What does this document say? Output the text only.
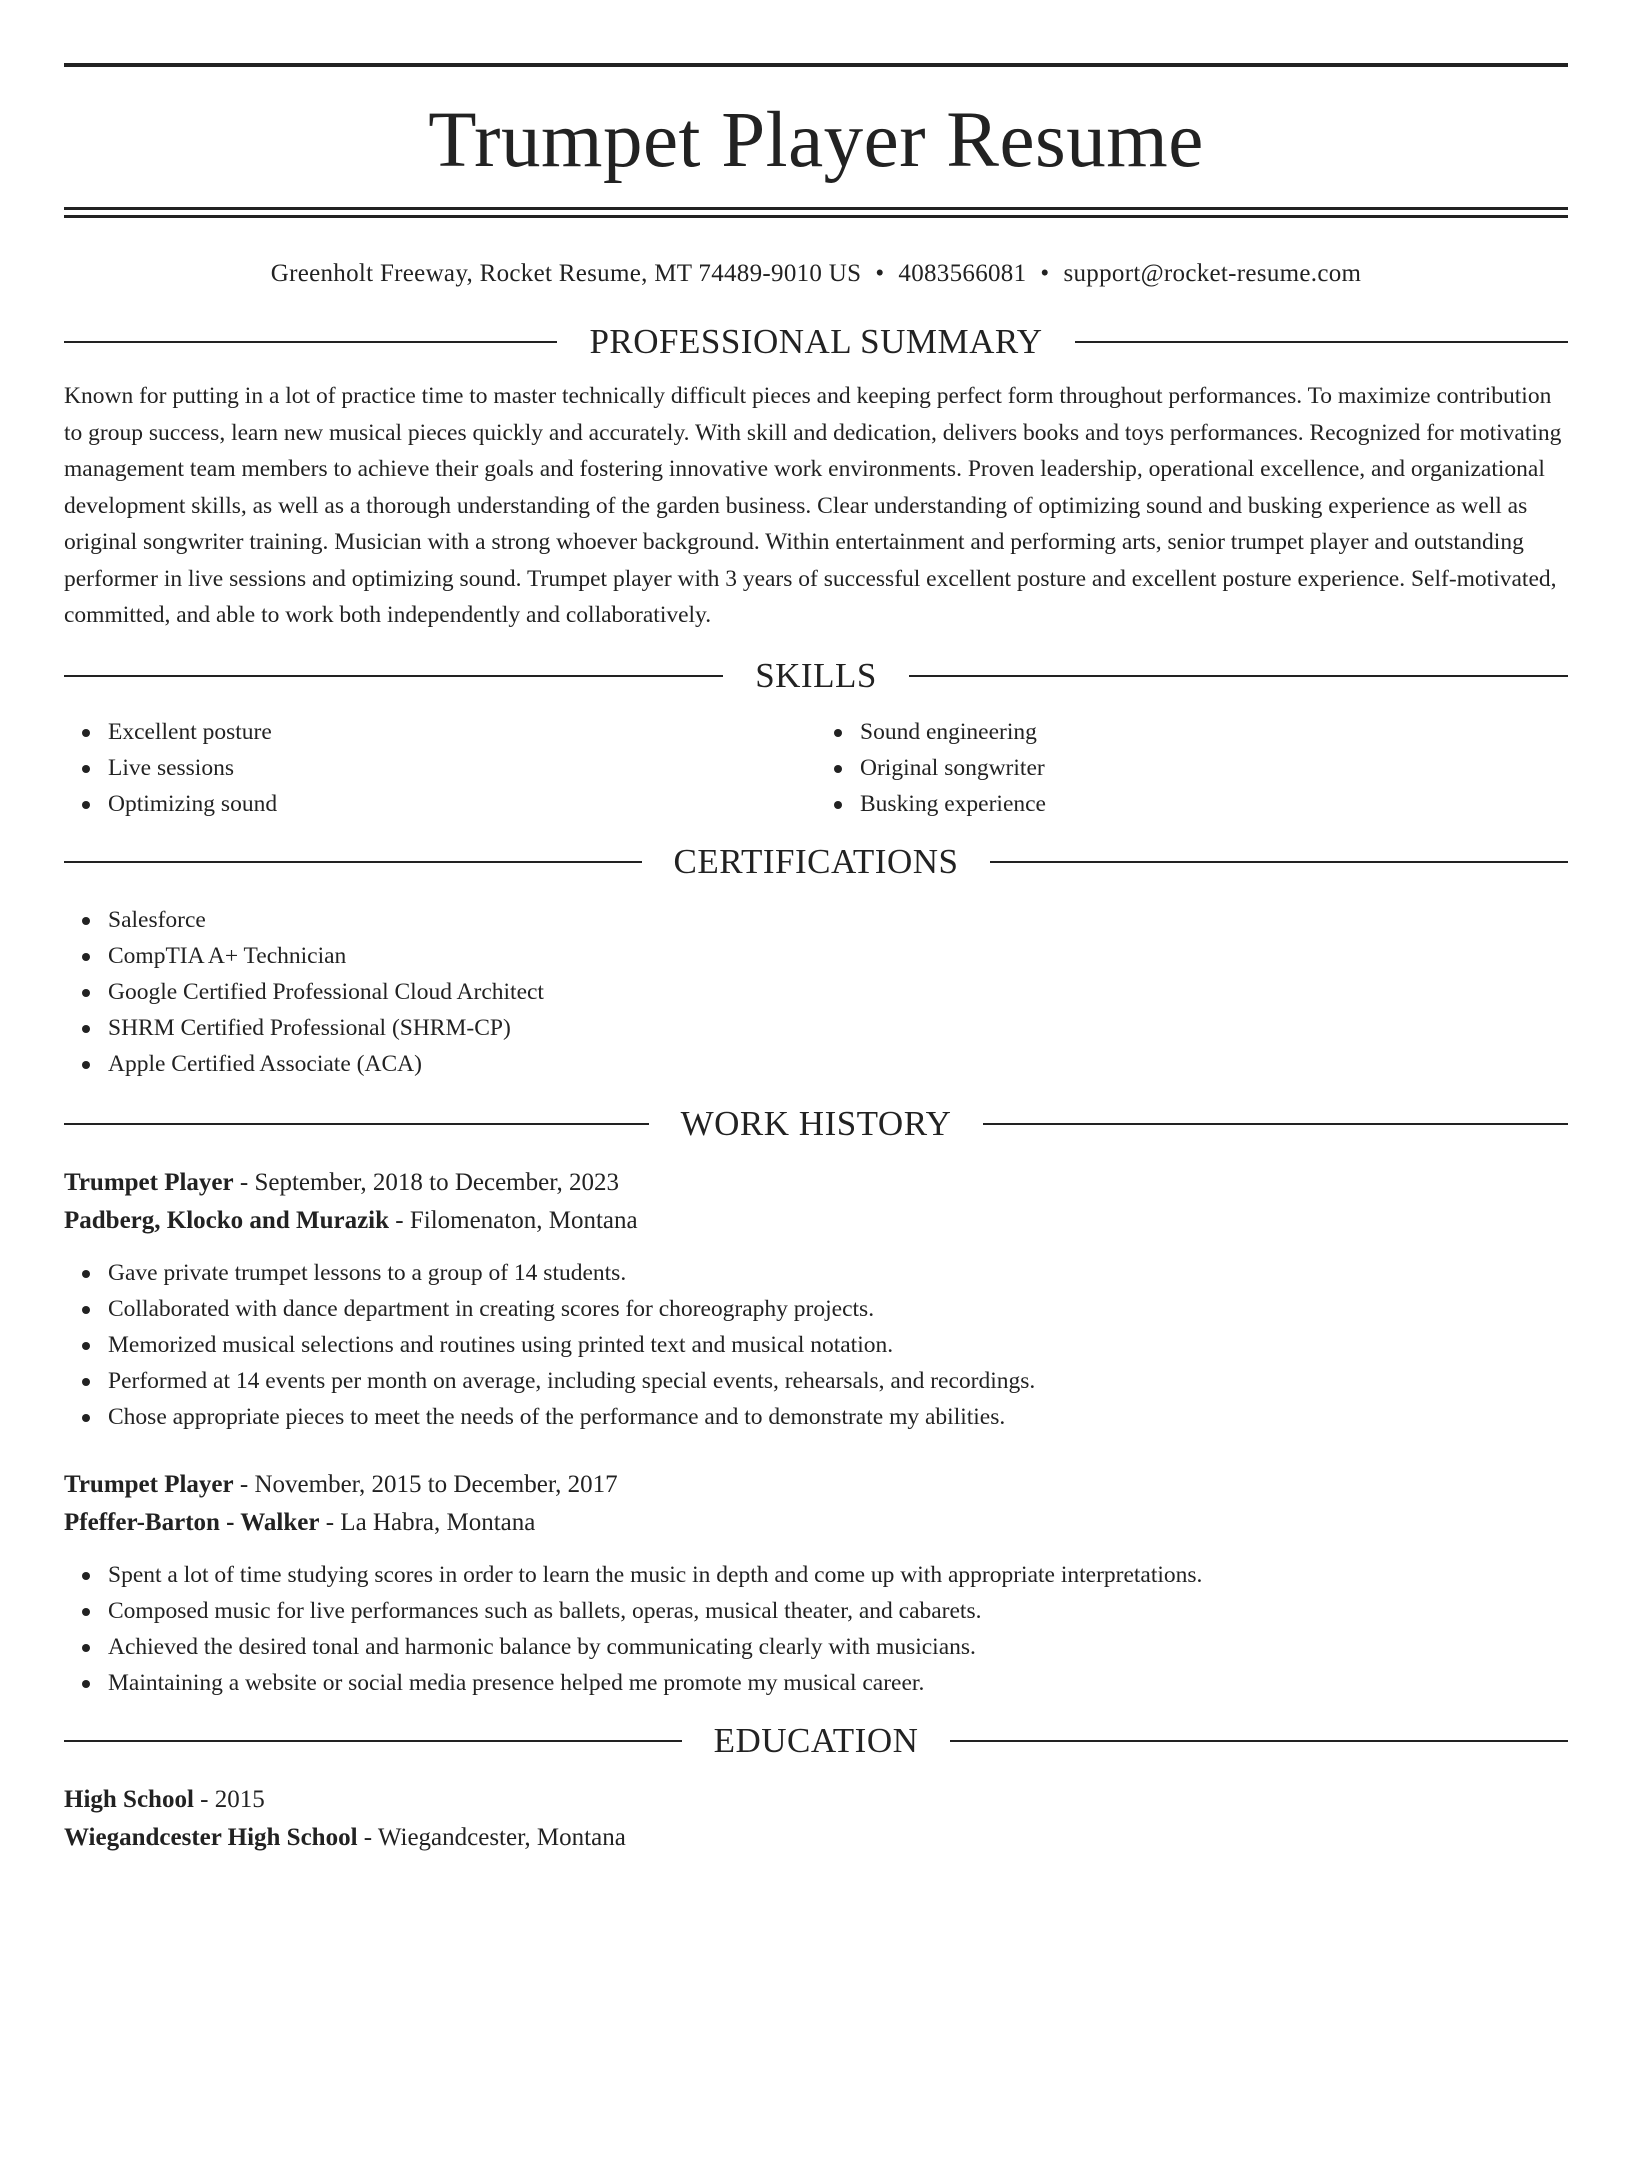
Trumpet Player Resume
Greenholt Freeway, Rocket Resume, MT 74489-9010 US • 4083566081 • support@rocket-resume.com
PROFESSIONAL SUMMARY

Known for putting in a lot of practice time to master technically difficult pieces and keeping perfect form throughout performances. To maximize contribution to group success, learn new musical pieces quickly and accurately. With skill and dedication, delivers books and toys performances. Recognized for motivating management team members to achieve their goals and fostering innovative work environments. Proven leadership, operational excellence, and organizational development skills, as well as a thorough understanding of the garden business. Clear understanding of optimizing sound and busking experience as well as original songwriter training. Musician with a strong whoever background. Within entertainment and performing arts, senior trumpet player and outstanding performer in live sessions and optimizing sound. Trumpet player with 3 years of successful excellent posture and excellent posture experience. Self-motivated, committed, and able to work both independently and collaboratively.

SKILLS
Excellent posture
Live sessions
Optimizing sound
Sound engineering
Original songwriter
Busking experience
CERTIFICATIONS
Salesforce
CompTIA A+ Technician
Google Certified Professional Cloud Architect
SHRM Certified Professional (SHRM-CP)
Apple Certified Associate (ACA)
WORK HISTORY
Trumpet Player - September, 2018 to December, 2023
Padberg, Klocko and Murazik - Filomenaton, Montana
Gave private trumpet lessons to a group of 14 students.
Collaborated with dance department in creating scores for choreography projects.
Memorized musical selections and routines using printed text and musical notation.
Performed at 14 events per month on average, including special events, rehearsals, and recordings.
Chose appropriate pieces to meet the needs of the performance and to demonstrate my abilities.
Trumpet Player - November, 2015 to December, 2017
Pfeffer-Barton - Walker - La Habra, Montana
Spent a lot of time studying scores in order to learn the music in depth and come up with appropriate interpretations.
Composed music for live performances such as ballets, operas, musical theater, and cabarets.
Achieved the desired tonal and harmonic balance by communicating clearly with musicians.
Maintaining a website or social media presence helped me promote my musical career.
EDUCATION
High School - 2015
Wiegandcester High School - Wiegandcester, Montana
